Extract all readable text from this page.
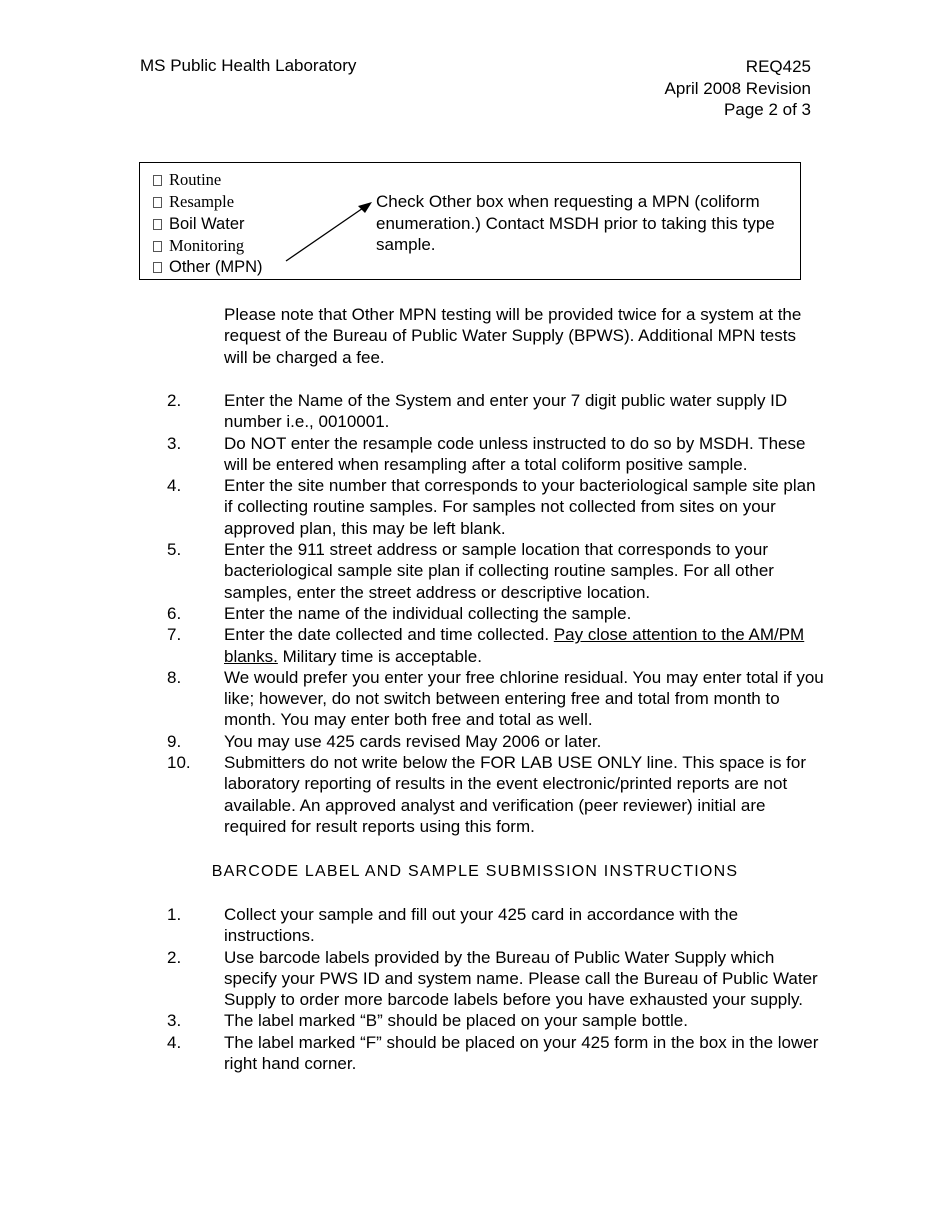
MS Public Health Laboratory	REQ425
April 2008 Revision
Page 2 of 3
Routine
Resample
Boil Water
Monitoring
Other (MPN)
Check Other box when requesting a MPN (coliform enumeration.) Contact MSDH prior to taking this type sample.
Please note that Other MPN testing will be provided twice for a system at the request of the Bureau of Public Water Supply (BPWS). Additional MPN tests will be charged a fee.
2.	Enter the Name of the System and enter your 7 digit public water supply ID number i.e., 0010001.
3.	Do NOT enter the resample code unless instructed to do so by MSDH. These will be entered when resampling after a total coliform positive sample.
4.	Enter the site number that corresponds to your bacteriological sample site plan if collecting routine samples. For samples not collected from sites on your approved plan, this may be left blank.
5.	Enter the 911 street address or sample location that corresponds to your bacteriological sample site plan if collecting routine samples. For all other samples, enter the street address or descriptive location.
6.	Enter the name of the individual collecting the sample.
7.	Enter the date collected and time collected. Pay close attention to the AM/PM blanks. Military time is acceptable.
8.	We would prefer you enter your free chlorine residual. You may enter total if you like; however, do not switch between entering free and total from month to month. You may enter both free and total as well.
9.	You may use 425 cards revised May 2006 or later.
10. Submitters do not write below the FOR LAB USE ONLY line. This space is for laboratory reporting of results in the event electronic/printed reports are not available. An approved analyst and verification (peer reviewer) initial are required for result reports using this form.
BARCODE LABEL AND SAMPLE SUBMISSION INSTRUCTIONS
1.	Collect your sample and fill out your 425 card in accordance with the instructions.
2.	Use barcode labels provided by the Bureau of Public Water Supply which specify your PWS ID and system name. Please call the Bureau of Public Water Supply to order more barcode labels before you have exhausted your supply.
3.	The label marked “B” should be placed on your sample bottle.
4.	The label marked “F” should be placed on your 425 form in the box in the lower right hand corner.
